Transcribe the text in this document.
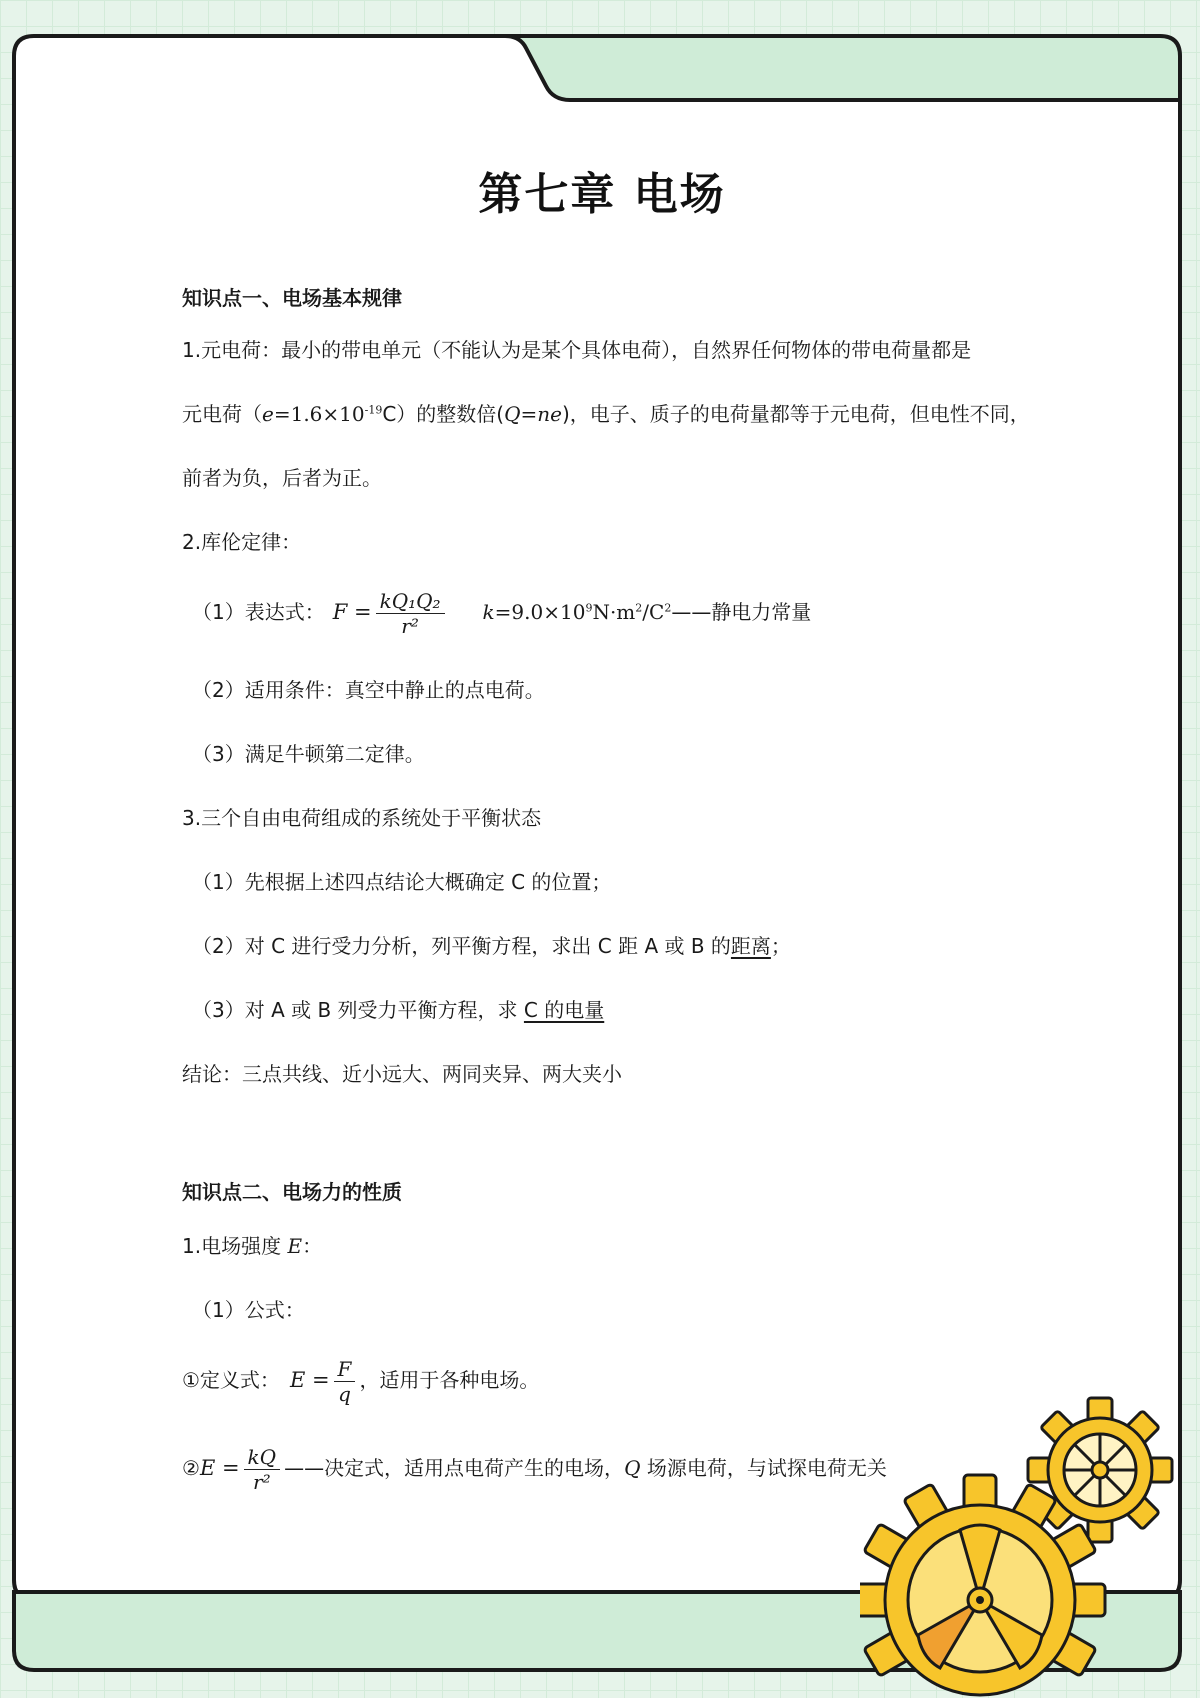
第七章 电场
知识点一、电场基本规律
1.元电荷：最小的带电单元（不能认为是某个具体电荷），自然界任何物体的带电荷量都是
元电荷$(e=1.6\times 10^{-19}C)$的整数倍(Q=ne)，电子、质子的电荷量都等于元电荷，但电性不同，
前者为负，后者为正。
2.库伦定律：
（1）表达式： $F = \frac{\text{kQ₁Q₂}}{\text{r²}}$ $k=9.0\times 10^9N\cdot m^2/C^2——$静电力常量
（2）适用条件：真空中静止的点电荷。
（3）满足牛顿第二定律。
3.三个自由电荷组成的系统处于平衡状态
（1）先根据上述四点结论大概确定 C 的位置；
（2）对 C 进行受力分析，列平衡方程，求出 C 距 A 或 B 的距离；
（3）对 A 或 B 列受力平衡方程，求 C 的电量
结论：三点共线、近小远大、两同夹异、两大夹小
知识点二、电场力的性质
1.电场强度 E：
（1）公式：
①定义式： $E = \frac{F}{q}$ ，适用于各种电场。
②E = $\frac{kQ}{\text{r²}}$ ——决定式，适用点电荷产生的电场，Q 场源电荷，与试探电荷无关
